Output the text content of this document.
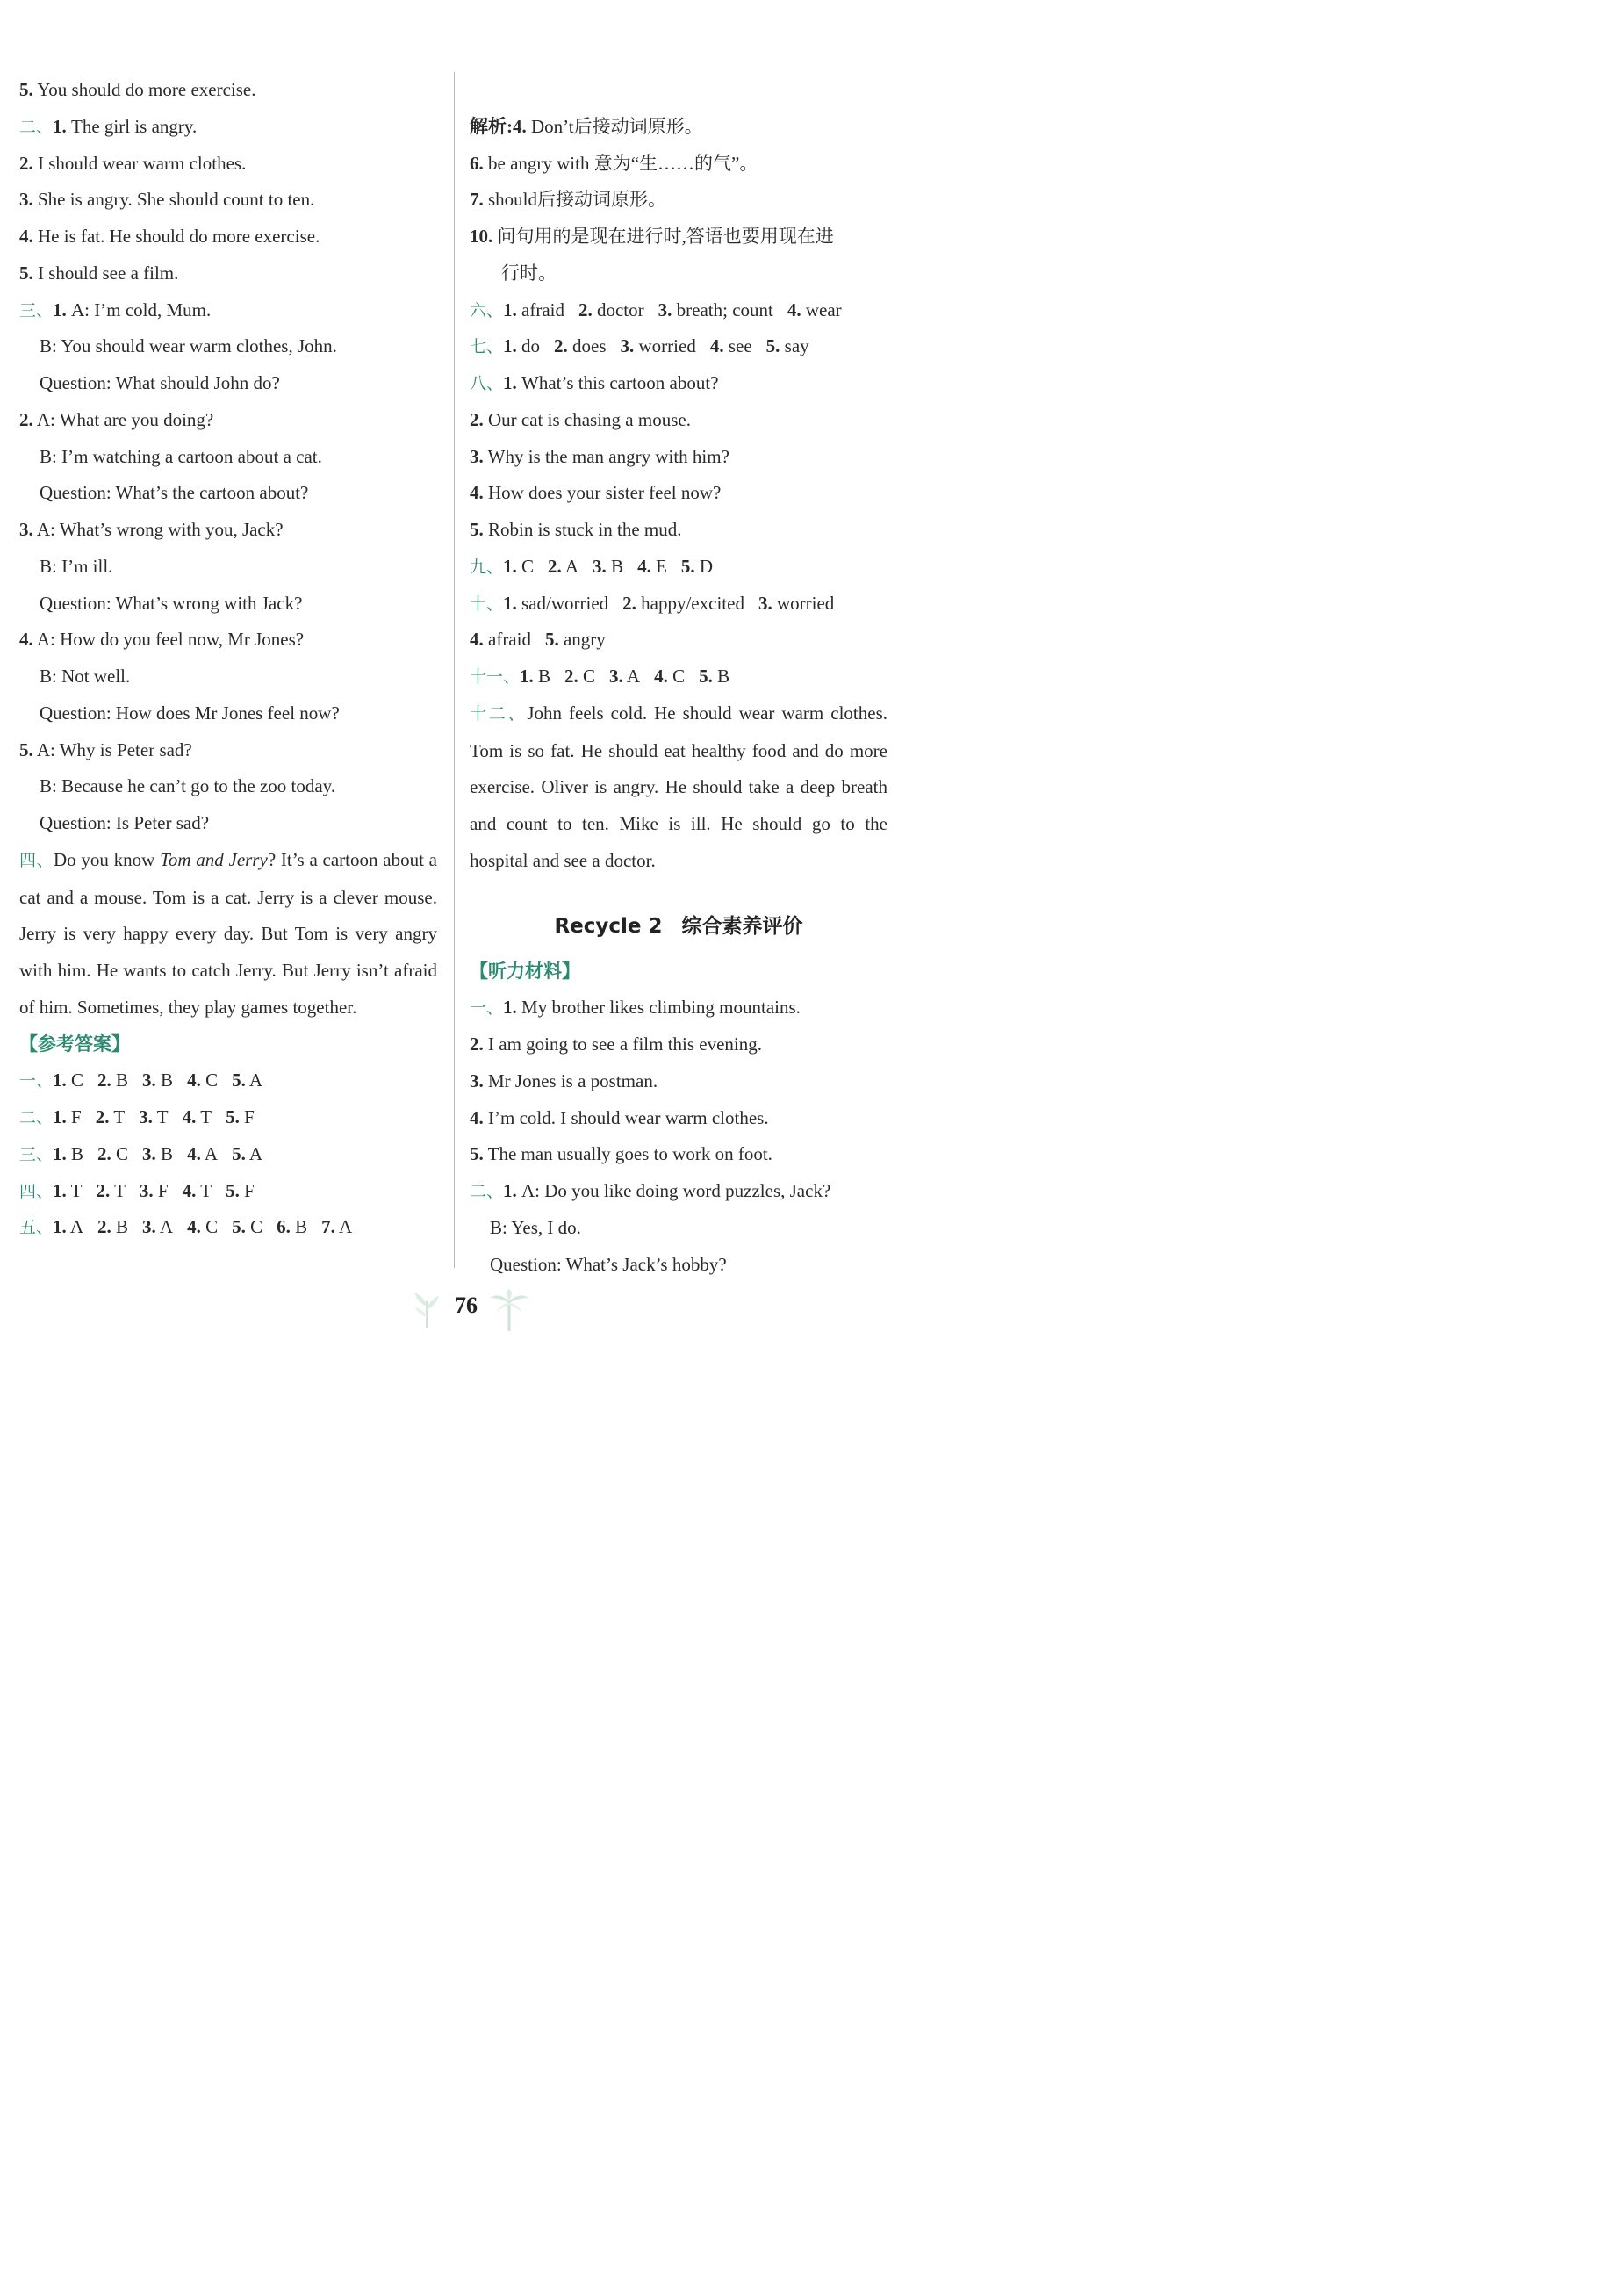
5. You should do more exercise.
二、1. The girl is angry.
2. I should wear warm clothes.
3. She is angry. She should count to ten.
4. He is fat. He should do more exercise.
5. I should see a film.
三、1. A: I’m cold, Mum.
B: You should wear warm clothes, John.
Question: What should John do?
2. A: What are you doing?
B: I’m watching a cartoon about a cat.
Question: What’s the cartoon about?
3. A: What’s wrong with you, Jack?
B: I’m ill.
Question: What’s wrong with Jack?
4. A: How do you feel now, Mr Jones?
B: Not well.
Question: How does Mr Jones feel now?
5. A: Why is Peter sad?
B: Because he can’t go to the zoo today.
Question: Is Peter sad?

四、Do you know Tom and Jerry? It’s a cartoon about a cat and a mouse. Tom is a cat. Jerry is a clever mouse. Jerry is very happy every day. But Tom is very angry with him. He wants to catch Jerry. But Jerry isn’t afraid of him. Sometimes, they play games together.

【参考答案】
一、1. C 2. B 3. B 4. C 5. A
二、1. F 2. T 3. T 4. T 5. F
三、1. B 2. C 3. B 4. A 5. A
四、1. T 2. T 3. F 4. T 5. F
五、1. A 2. B 3. A 4. C 5. C 6. B 7. A
解析:4. Don’t后接动词原形。
6. be angry with 意为“生……的气”。
7. should后接动词原形。
10. 问句用的是现在进行时,答语也要用现在进
行时。
六、1. afraid 2. doctor 3. breath; count 4. wear
七、1. do 2. does 3. worried 4. see 5. say
八、1. What’s this cartoon about?
2. Our cat is chasing a mouse.
3. Why is the man angry with him?
4. How does your sister feel now?
5. Robin is stuck in the mud.
九、1. C 2. A 3. B 4. E 5. D
十、1. sad/worried 2. happy/excited 3. worried
4. afraid 5. angry
十一、1. B 2. C 3. A 4. C 5. B

十二、John feels cold. He should wear warm clothes. Tom is so fat. He should eat healthy food and do more exercise. Oliver is angry. He should take a deep breath and count to ten. Mike is ill. He should go to the hospital and see a doctor.

Recycle 2 综合素养评价
【听力材料】
一、1. My brother likes climbing mountains.
2. I am going to see a film this evening.
3. Mr Jones is a postman.
4. I’m cold. I should wear warm clothes.
5. The man usually goes to work on foot.
二、1. A: Do you like doing word puzzles, Jack?
B: Yes, I do.
Question: What’s Jack’s hobby?
76
